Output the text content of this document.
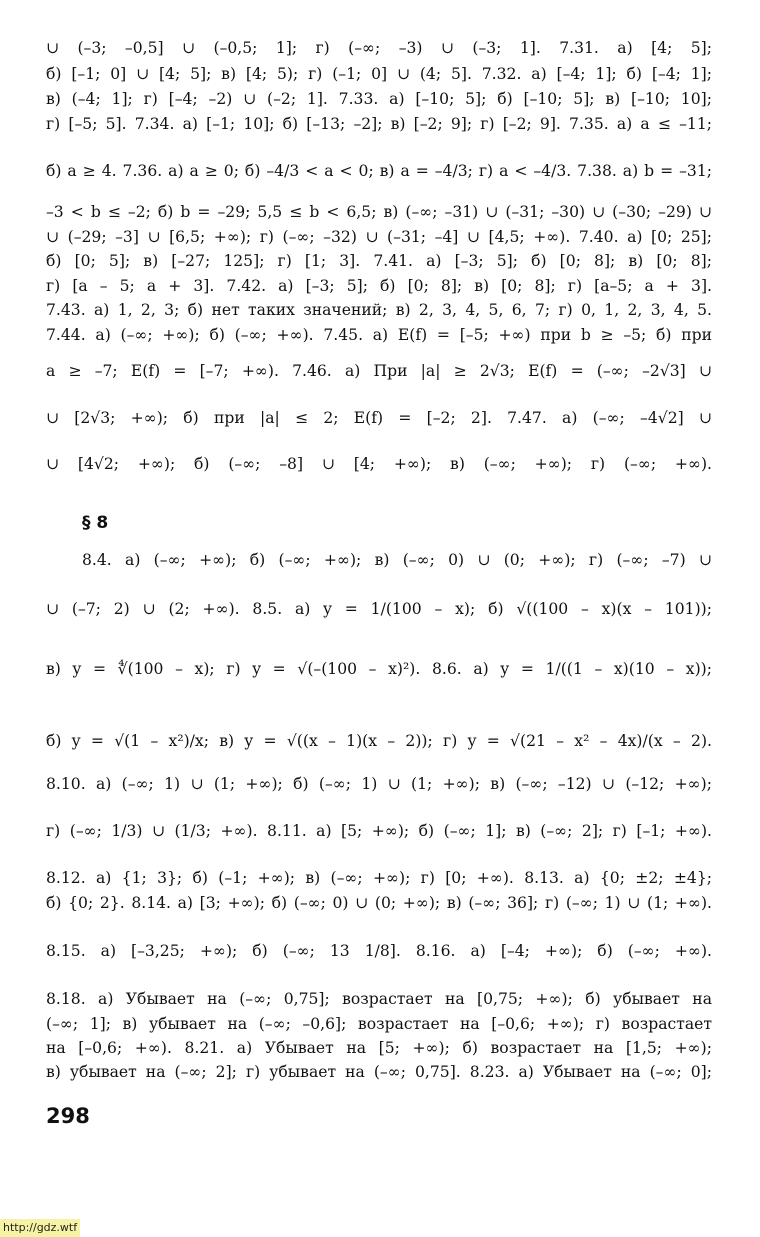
∪ (–3; –0,5] ∪ (–0,5; 1]; г) (–∞; –3) ∪ (–3; 1]. 7.31. а) [4; 5];
б) [–1; 0] ∪ [4; 5]; в) [4; 5); г) (–1; 0] ∪ (4; 5]. 7.32. а) [–4; 1]; б) [–4; 1];
в) (–4; 1]; г) [–4; –2) ∪ (–2; 1]. 7.33. а) [–10; 5]; б) [–10; 5]; в) [–10; 10];
г) [–5; 5]. 7.34. а) [–1; 10]; б) [–13; –2]; в) [–2; 9]; г) [–2; 9]. 7.35. а) a ≤ –11;
б) a ≥ 4. 7.36. а) a ≥ 0; б) –4/3 < a < 0; в) a = –4/3; г) a < –4/3. 7.38. а) b = –31;
–3 < b ≤ –2; б) b = –29; 5,5 ≤ b < 6,5; в) (–∞; –31) ∪ (–31; –30) ∪ (–30; –29) ∪
∪ (–29; –3] ∪ [6,5; +∞); г) (–∞; –32) ∪ (–31; –4] ∪ [4,5; +∞). 7.40. а) [0; 25];
б) [0; 5]; в) [–27; 125]; г) [1; 3]. 7.41. а) [–3; 5]; б) [0; 8]; в) [0; 8];
г) [a – 5; a + 3]. 7.42. а) [–3; 5]; б) [0; 8]; в) [0; 8]; г) [a–5; a + 3].
7.43. а) 1, 2, 3; б) нет таких значений; в) 2, 3, 4, 5, 6, 7; г) 0, 1, 2, 3, 4, 5.
7.44. а) (–∞; +∞); б) (–∞; +∞). 7.45. а) E(f) = [–5; +∞) при b ≥ –5; б) при
a ≥ –7; E(f) = [–7; +∞). 7.46. а) При |a| ≥ 2√3; E(f) = (–∞; –2√3] ∪
∪ [2√3; +∞); б) при |a| ≤ 2; E(f) = [–2; 2]. 7.47. а) (–∞; –4√2] ∪
∪ [4√2; +∞); б) (–∞; –8] ∪ [4; +∞); в) (–∞; +∞); г) (–∞; +∞).
§ 8
8.4. а) (–∞; +∞); б) (–∞; +∞); в) (–∞; 0) ∪ (0; +∞); г) (–∞; –7) ∪
∪ (–7; 2) ∪ (2; +∞). 8.5. а) y = 1/(100 – x); б) √((100 – x)(x – 101));
в) y = ∜(100 – x); г) y = √(–(100 – x)²). 8.6. а) y = 1/((1 – x)(10 – x));
б) y = √(1 – x²)/x; в) y = √((x – 1)(x – 2)); г) y = √(21 – x² – 4x)/(x – 2).
8.10. а) (–∞; 1) ∪ (1; +∞); б) (–∞; 1) ∪ (1; +∞); в) (–∞; –12) ∪ (–12; +∞);
г) (–∞; 1/3) ∪ (1/3; +∞). 8.11. а) [5; +∞); б) (–∞; 1]; в) (–∞; 2]; г) [–1; +∞).
8.12. а) {1; 3}; б) (–1; +∞); в) (–∞; +∞); г) [0; +∞). 8.13. а) {0; ±2; ±4};
б) {0; 2}. 8.14. а) [3; +∞); б) (–∞; 0) ∪ (0; +∞); в) (–∞; 36]; г) (–∞; 1) ∪ (1; +∞).
8.15. а) [–3,25; +∞); б) (–∞; 13 1/8]. 8.16. а) [–4; +∞); б) (–∞; +∞).
8.18. а) Убывает на (–∞; 0,75]; возрастает на [0,75; +∞); б) убывает на
(–∞; 1]; в) убывает на (–∞; –0,6]; возрастает на [–0,6; +∞); г) возрастает
на [–0,6; +∞). 8.21. а) Убывает на [5; +∞); б) возрастает на [1,5; +∞);
в) убывает на (–∞; 2]; г) убывает на (–∞; 0,75]. 8.23. а) Убывает на (–∞; 0];
298
http://gdz.wtf
